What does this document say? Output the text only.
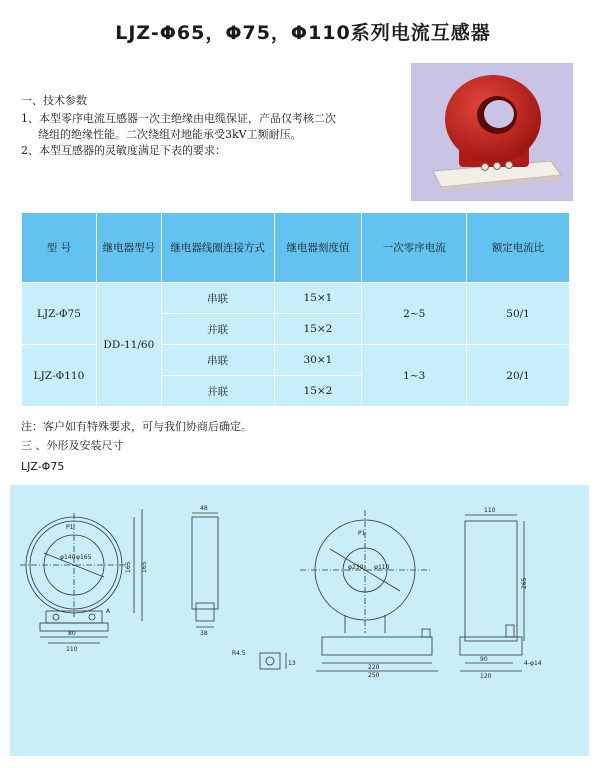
LJZ-Φ65，Φ75，Φ110系列电流互感器
一、技术参数
1、本型零序电流互感器一次主绝缘由电缆保证，产品仅考核二次
绕组的绝缘性能。二次绕组对地能承受3kV工频耐压。
2、本型互感器的灵敏度满足下表的要求：
型 号	继电器型号	继电器线圈连接方式	继电器刻度值	一次零序电流	额定电流比
LJZ-Φ75	DD-11/60	串联	15×1	2~5	50/1
		并联	15×2		
LJZ-Φ110		串联	30×1	1~3	20/1
		并联	15×2		
注：客户如有特殊要求，可与我们协商后确定。
三 、外形及安装尺寸
LJZ-Φ75
P1
φ140 φ165
165 165
A
80
110
48
38
P1
φ230 φ110
220
250
110
265
90
120
4-φ14
R4.5
13
